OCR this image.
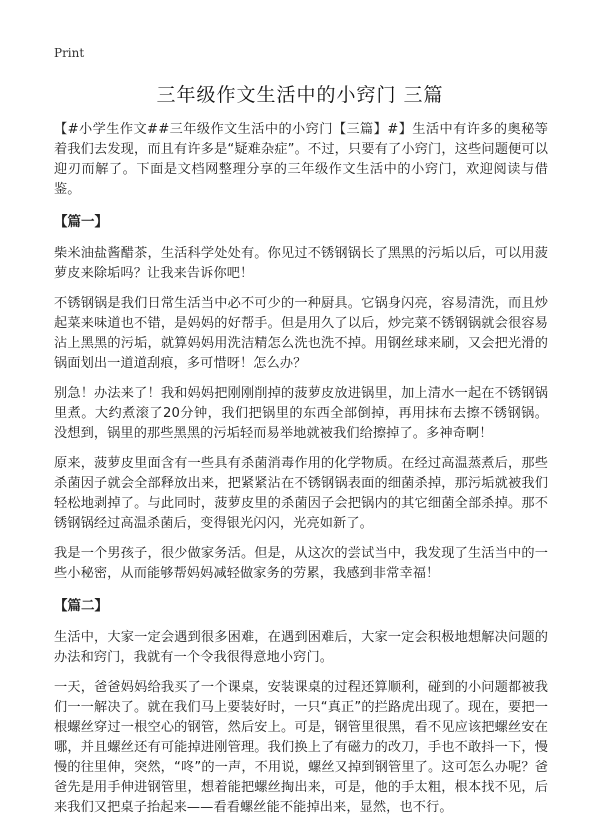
Print
三年级作文生活中的小窍门 三篇

【#小学生作文#​#三年级作文生活中的小窍门【三篇】#】生活中有许多的奥秘等着我们去发现，而且有许多是“疑难杂症”。不过，只要有了小窍门，这些问题便可以迎刃而解了。下面是文档网整理分享的三年级作文生活中的小窍门，欢迎阅读与借鉴。

【篇一】

柴米油盐酱醋茶，生活科学处处有。你见过不锈钢锅长了黑黑的污垢以后，可以用菠萝皮来除垢吗？让我来告诉你吧！

不锈钢锅是我们日常生活当中必不可少的一种厨具。它锅身闪亮，容易清洗，而且炒起菜来味道也不错，是妈妈的好帮手。但是用久了以后，炒完菜不锈钢锅就会很容易沾上黑黑的污垢，就算妈妈用洗洁精怎么洗也洗不掉。用钢丝球来刷，又会把光滑的锅面划出一道道刮痕，多可惜呀！怎么办？

别急！办法来了！我和妈妈把刚刚削掉的菠萝皮放进锅里，加上清水一起在不锈钢锅里煮。大约煮滚了20分钟，我们把锅里的东西全部倒掉，再用抹布去擦不锈钢锅。没想到，锅里的那些黑黑的污垢轻而易举地就被我们给擦掉了。多神奇啊！

原来，菠萝皮里面含有一些具有杀菌消毒作用的化学物质。在经过高温蒸煮后，那些杀菌因子就会全部释放出来，把紧紧沾在不锈钢锅表面的细菌杀掉，那污垢就被我们轻松地剥掉了。与此同时，菠萝皮里的杀菌因子会把锅内的其它细菌全部杀掉。那不锈钢锅经过高温杀菌后，变得银光闪闪，光亮如新了。

我是一个男孩子，很少做家务活。但是，从这次的尝试当中，我发现了生活当中的一些小秘密，从而能够帮妈妈减轻做家务的劳累，我感到非常幸福！

【篇二】

生活中，大家一定会遇到很多困难，在遇到困难后，大家一定会积极地想解决问题的办法和窍门，我就有一个令我很得意地小窍门。

一天，爸爸妈妈给我买了一个课桌，安装课桌的过程还算顺利，碰到的小问题都被我们一一解决了。就在我们马上要装好时，一只“真正”的拦路虎出现了。现在，要把一根螺丝穿过一根空心的钢管，然后安上。可是，钢管里很黑，看不见应该把螺丝安在哪，并且螺丝还有可能掉进刚管理。我们换上了有磁力的改刀，手也不敢抖一下，慢慢的往里伸，突然，“咚”的一声，不用说，螺丝又掉到钢管里了。这可怎么办呢？爸爸先是用手伸进钢管里，想着能把螺丝掏出来，可是，他的手太粗，根本找不见，后来我们又把桌子抬起来——看看螺丝能不能掉出来，显然，也不行。
